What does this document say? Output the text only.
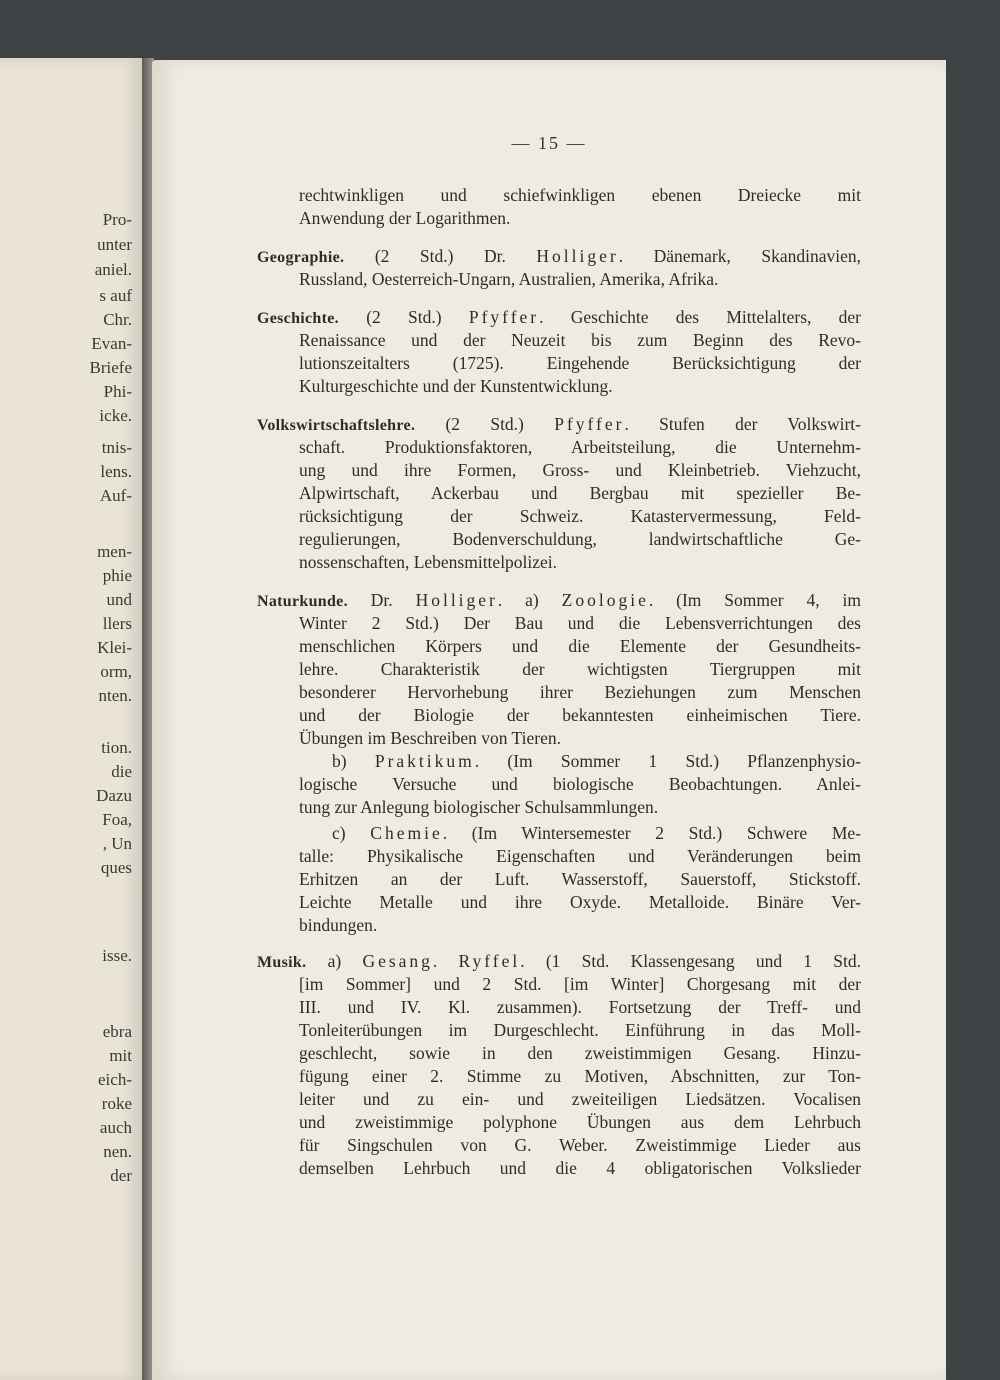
Pro-
unter
aniel.
s auf
Chr.
Evan-
Briefe
Phi-
icke.
tnis-
lens.
Auf-
men-
phie
und
llers
Klei-
orm,
nten.
tion.
die
Dazu
Foa,
, Un
ques
isse.
ebra
mit
eich-
roke
auch
nen.
der
— 15 —
rechtwinkligen und schiefwinkligen ebenen Dreiecke mit
Anwendung der Logarithmen.
Geographie. (2 Std.) Dr. Holliger. Dänemark, Skandinavien,
Russland, Oesterreich-Ungarn, Australien, Amerika, Afrika.
Geschichte. (2 Std.) Pfyffer. Geschichte des Mittelalters, der
Renaissance und der Neuzeit bis zum Beginn des Revo-
lutionszeitalters (1725). Eingehende Berücksichtigung der
Kulturgeschichte und der Kunstentwicklung.
Volkswirtschaftslehre. (2 Std.) Pfyffer. Stufen der Volkswirt-
schaft. Produktionsfaktoren, Arbeitsteilung, die Unternehm-
ung und ihre Formen, Gross- und Kleinbetrieb. Viehzucht,
Alpwirtschaft, Ackerbau und Bergbau mit spezieller Be-
rücksichtigung der Schweiz. Katastervermessung, Feld-
regulierungen, Bodenverschuldung, landwirtschaftliche Ge-
nossenschaften, Lebensmittelpolizei.
Naturkunde. Dr. Holliger. a) Zoologie. (Im Sommer 4, im
Winter 2 Std.) Der Bau und die Lebensverrichtungen des
menschlichen Körpers und die Elemente der Gesundheits-
lehre. Charakteristik der wichtigsten Tiergruppen mit
besonderer Hervorhebung ihrer Beziehungen zum Menschen
und der Biologie der bekanntesten einheimischen Tiere.
Übungen im Beschreiben von Tieren.
b) Praktikum. (Im Sommer 1 Std.) Pflanzenphysio-
logische Versuche und biologische Beobachtungen. Anlei-
tung zur Anlegung biologischer Schulsammlungen.
c) Chemie. (Im Wintersemester 2 Std.) Schwere Me-
talle: Physikalische Eigenschaften und Veränderungen beim
Erhitzen an der Luft. Wasserstoff, Sauerstoff, Stickstoff.
Leichte Metalle und ihre Oxyde. Metalloide. Binäre Ver-
bindungen.
Musik. a) Gesang. Ryffel. (1 Std. Klassengesang und 1 Std.
[im Sommer] und 2 Std. [im Winter] Chorgesang mit der
III. und IV. Kl. zusammen). Fortsetzung der Treff- und
Tonleiterübungen im Durgeschlecht. Einführung in das Moll-
geschlecht, sowie in den zweistimmigen Gesang. Hinzu-
fügung einer 2. Stimme zu Motiven, Abschnitten, zur Ton-
leiter und zu ein- und zweiteiligen Liedsätzen. Vocalisen
und zweistimmige polyphone Übungen aus dem Lehrbuch
für Singschulen von G. Weber. Zweistimmige Lieder aus
demselben Lehrbuch und die 4 obligatorischen Volkslieder
